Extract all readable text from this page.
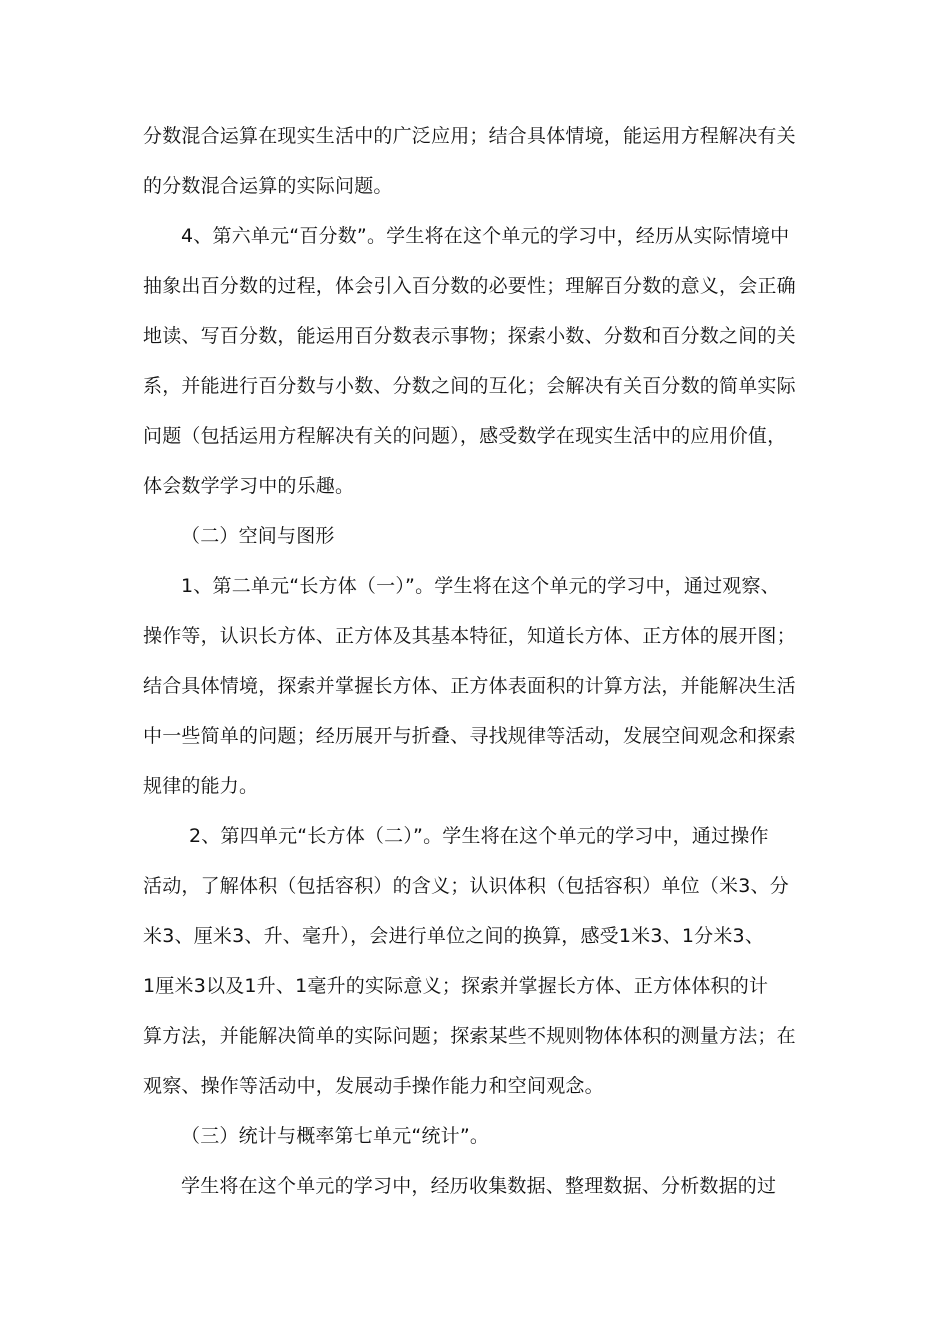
分数混合运算在现实生活中的广泛应用；结合具体情境，能运用方程解决有关
的分数混合运算的实际问题。
4、第六单元“百分数”。学生将在这个单元的学习中，经历从实际情境中
抽象出百分数的过程，体会引入百分数的必要性；理解百分数的意义，会正确
地读、写百分数，能运用百分数表示事物；探索小数、分数和百分数之间的关
系，并能进行百分数与小数、分数之间的互化；会解决有关百分数的简单实际
问题（包括运用方程解决有关的问题），感受数学在现实生活中的应用价值，
体会数学学习中的乐趣。
（二）空间与图形
1、第二单元“长方体（一）”。学生将在这个单元的学习中，通过观察、
操作等，认识长方体、正方体及其基本特征，知道长方体、正方体的展开图；
结合具体情境，探索并掌握长方体、正方体表面积的计算方法，并能解决生活
中一些简单的问题；经历展开与折叠、寻找规律等活动，发展空间观念和探索
规律的能力。
2、第四单元“长方体（二）”。学生将在这个单元的学习中，通过操作
活动，了解体积（包括容积）的含义；认识体积（包括容积）单位（米3、分
米3、厘米3、升、毫升），会进行单位之间的换算，感受1米3、1分米3、
1厘米3以及1升、1毫升的实际意义；探索并掌握长方体、正方体体积的计
算方法，并能解决简单的实际问题；探索某些不规则物体体积的测量方法；在
观察、操作等活动中，发展动手操作能力和空间观念。
（三）统计与概率第七单元“统计”。
学生将在这个单元的学习中，经历收集数据、整理数据、分析数据的过
